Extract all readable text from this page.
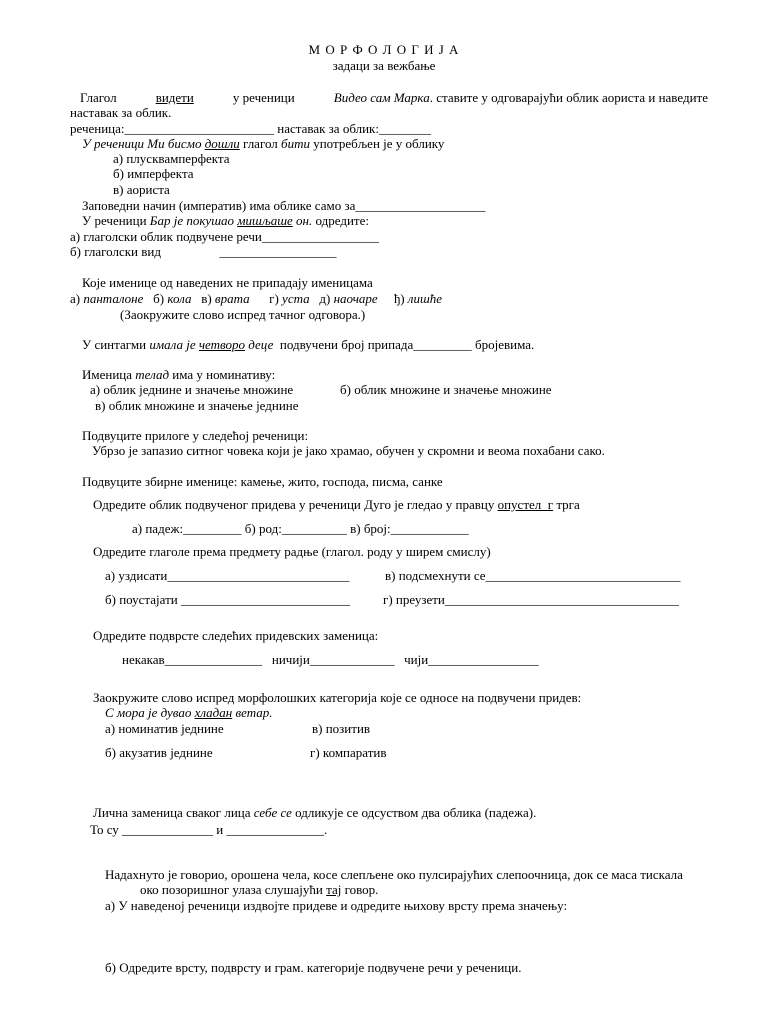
М О Р Ф О Л О Г И Ј А
задаци за вежбање
Глагол	видети	у реченици	Видео сам Марка. ставите у одговарајући облик аориста и наведите
наставак за облик.
реченица:_______________________ наставак за облик:________
У реченици Ми бисмо дошли глагол бити употребљен је у облику
а) плусквамперфекта
б) имперфекта
в) аориста
Заповедни начин (императив) има облике само за____________________
У реченици Бар је покушао мишљаше он. одредите:
а) глаголски облик подвучене речи__________________
б) глаголски вид                  __________________
Које именице од наведених не припадају именицама
а) панталоне б) кола в) врата г) уста д) наочаре ђ) лишће
(Заокружите слово испред тачног одговора.)
У синтагми имала је четворо деце подвучени број припада_________ бројевима.
Именица телад има у номинативу:
а) облик једнине и значење множине	б) облик множине и значење множине
в) облик множине и значење једнине
Подвуците прилоге у следећој реченици:
Убрзо је запазио ситног човека који је јако храмао, обучен у скромни и веома похабани сако.
Подвуците збирне именице: камење, жито, господа, писма, санке
Одредите облик подвученог придева у реченици Дуго је гледао у правцу опустел  г трга
а) падеж:_________ б) род:__________ в) број:____________
Одредите глаголе према предмету радње (глагол. роду у ширем смислу)
а) уздисати____________________________	в) подсмехнути се______________________________
б) поустајати __________________________	г) преузети____________________________________
Одредите подврсте следећих придевских заменица:
некакав_______________   ничији_____________   чији_________________
Заокружите слово испред морфолошких категорија које се односе на подвучени придев:
С мора је дувао хладан ветар.
а) номинатив једнине	в) позитив
б) акузатив једнине	г) компаратив
Лична заменица сваког лица себе се одликује се одсуством два облика (падежа).
То су ______________ и _______________.
Надахнуто је говорио, орошена чела, косе слепљене око пулсирајућих слепоочница, док се маса тискала
око позоришног улаза слушајући тај говор.
а) У наведеној реченици издвојте придеве и одредите њихову врсту према значењу:
б) Одредите врсту, подврсту и грам. категорије подвучене речи у реченици.
